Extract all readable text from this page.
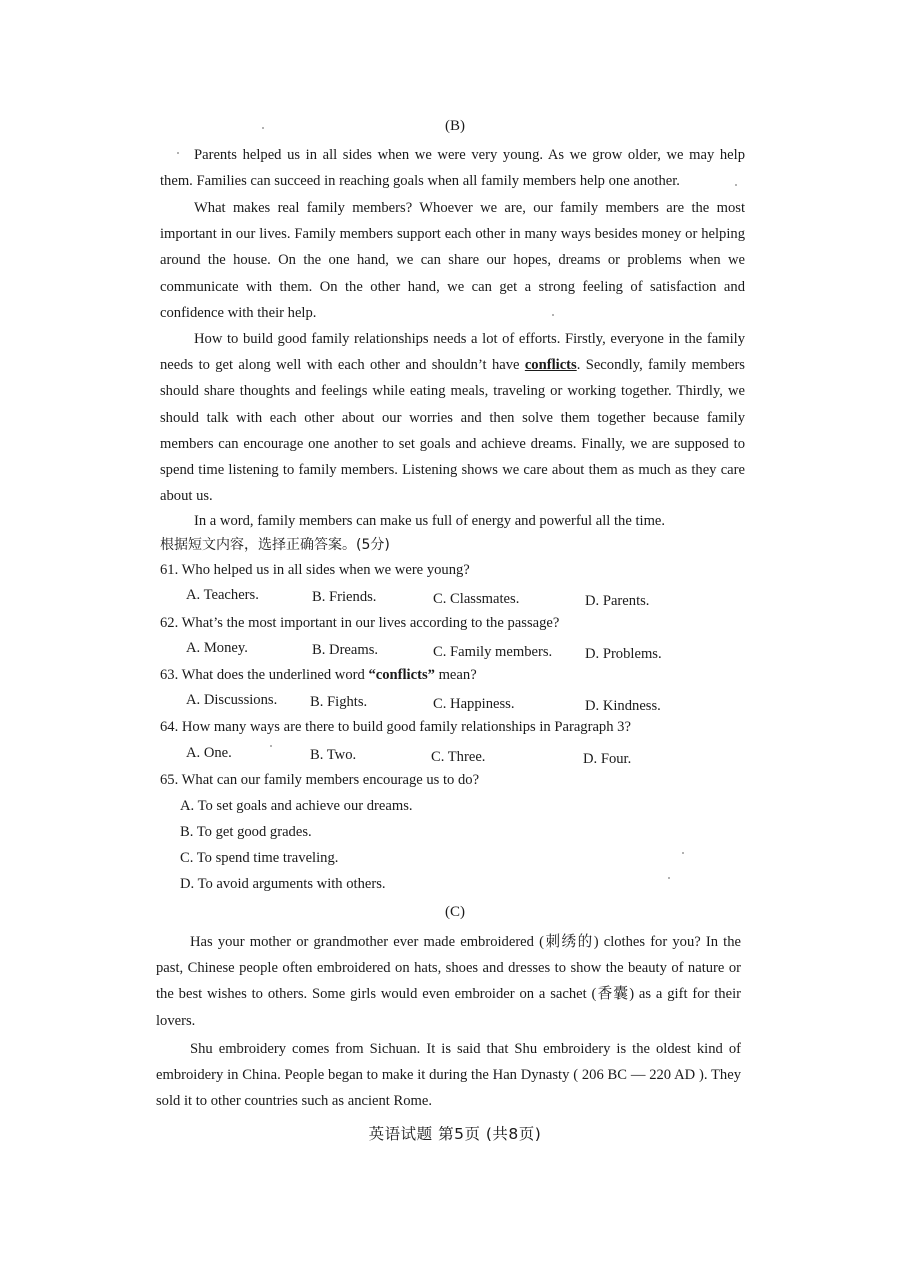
(B)

Parents helped us in all sides when we were very young. As we grow older, we may help them. Families can succeed in reaching goals when all family members help one another.

What makes real family members? Whoever we are, our family members are the most important in our lives. Family members support each other in many ways besides money or helping around the house. On the one hand, we can share our hopes, dreams or problems when we communicate with them. On the other hand, we can get a strong feeling of satisfaction and confidence with their help.

How to build good family relationships needs a lot of efforts. Firstly, everyone in the family needs to get along well with each other and shouldn’t have conflicts. Secondly, family members should share thoughts and feelings while eating meals, traveling or working together. Thirdly, we should talk with each other about our worries and then solve them together because family members can encourage one another to set goals and achieve dreams. Finally, we are supposed to spend time listening to family members. Listening shows we care about them as much as they care about us.

In a word, family members can make us full of energy and powerful all the time.

根据短文内容，选择正确答案。(5分)
61. Who helped us in all sides when we were young?
A. Teachers.	B. Friends.	C. Classmates.	D. Parents.
62. What’s the most important in our lives according to the passage?
A. Money.	B. Dreams.	C. Family members. D. Problems.
63. What does the underlined word “conflicts” mean?
A. Discussions. B. Fights.	C. Happiness.	D. Kindness.
64. How many ways are there to build good family relationships in Paragraph 3?
A. One.	B. Two.	C. Three.	D. Four.
65. What can our family members encourage us to do?
A. To set goals and achieve our dreams.
B. To get good grades.
C. To spend time traveling.
D. To avoid arguments with others.
(C)

Has your mother or grandmother ever made embroidered (刺绣的) clothes for you? In the past, Chinese people often embroidered on hats, shoes and dresses to show the beauty of nature or the best wishes to others. Some girls would even embroider on a sachet (香囊) as a gift for their lovers.

Shu embroidery comes from Sichuan. It is said that Shu embroidery is the oldest kind of embroidery in China. People began to make it during the Han Dynasty ( 206 BC — 220 AD ). They sold it to other countries such as ancient Rome.

英语试题 第5页 (共8页)
